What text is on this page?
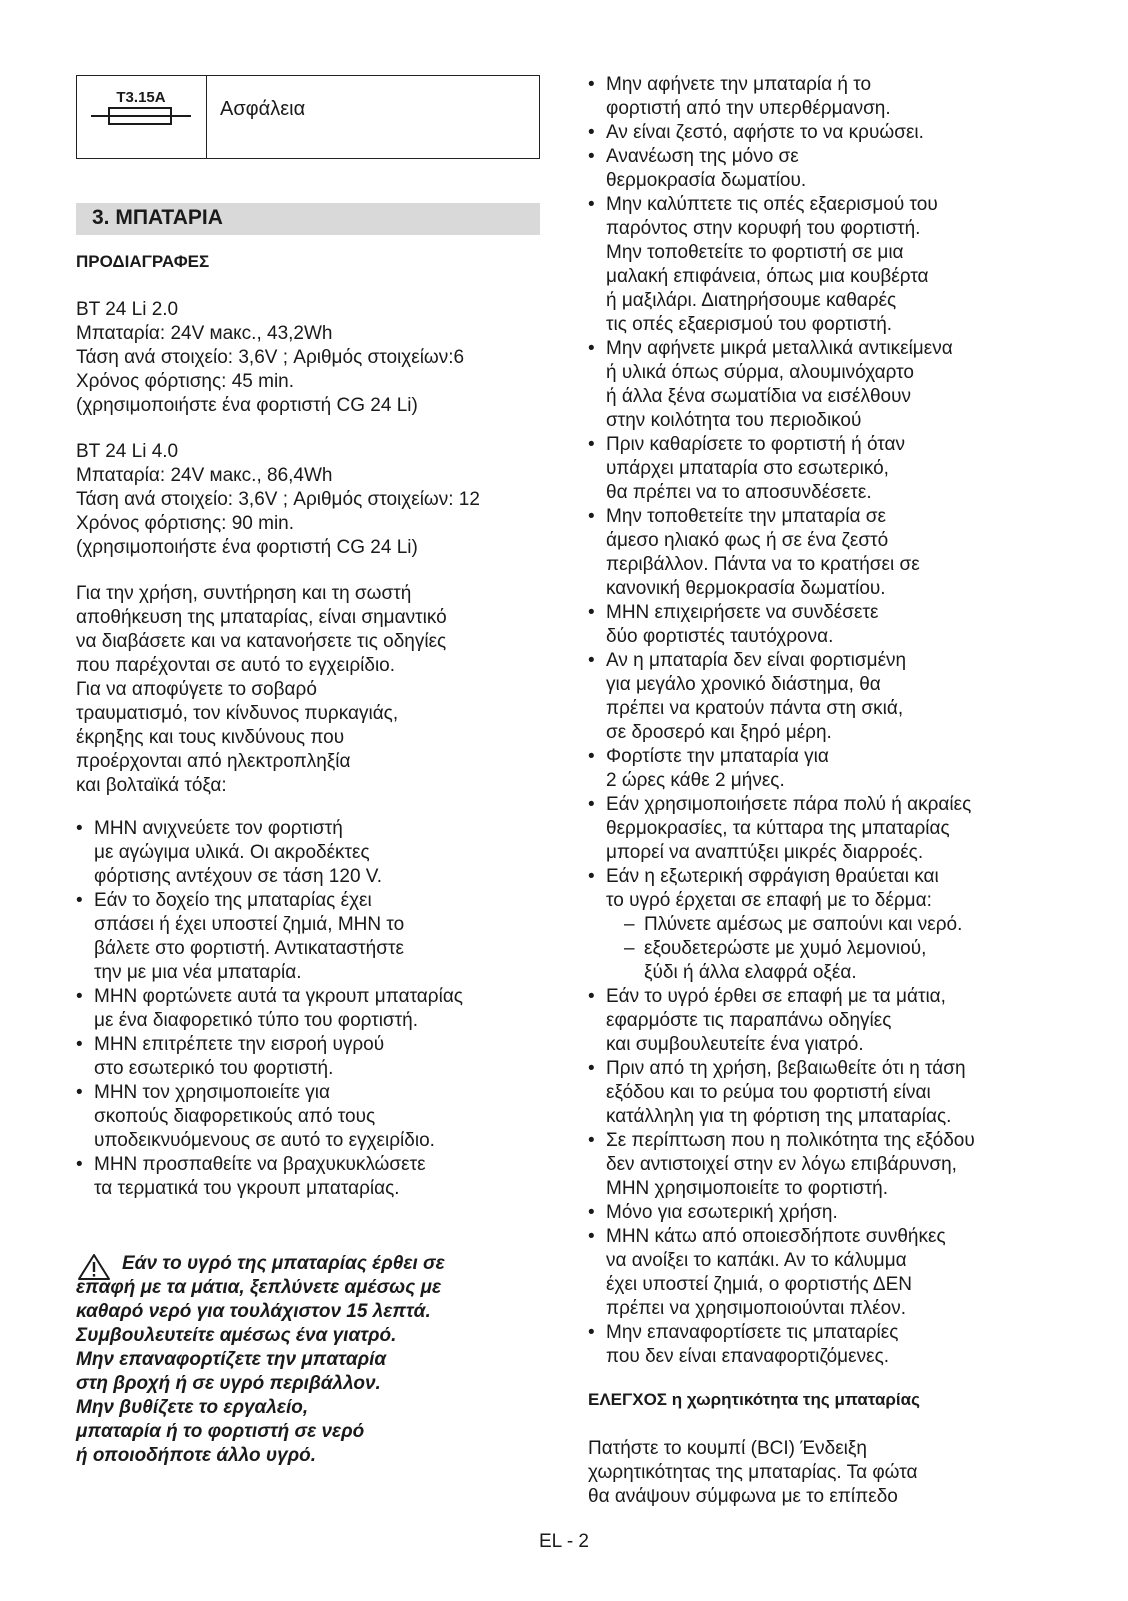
T3.15A
Ασφάλεια
3. ΜΠΑΤΑΡΙΑ
ΠΡΟΔΙΑΓΡΑΦΕΣ
BT 24 Li 2.0
Μπαταρία: 24V макс., 43,2Wh
Τάση ανά στοιχείο: 3,6V ; Αριθμός στοιχείων:6
Χρόνος φόρτισης: 45 min.
(χρησιμοποιήστε ένα φορτιστή CG 24 Li)
BT 24 Li 4.0
Μπαταρία: 24V макс., 86,4Wh
Τάση ανά στοιχείο: 3,6V ; Αριθμός στοιχείων: 12
Χρόνος φόρτισης: 90 min.
(χρησιμοποιήστε ένα φορτιστή CG 24 Li)
Για την χρήση, συντήρηση και τη σωστή
αποθήκευση της μπαταρίας, είναι σημαντικό
να διαβάσετε και να κατανοήσετε τις οδηγίες
που παρέχονται σε αυτό το εγχειρίδιο.
Για να αποφύγετε το σοβαρό
τραυματισμό, τον κίνδυνος πυρκαγιάς,
έκρηξης και τους κινδύνους που
προέρχονται από ηλεκτροπληξία
και βολταϊκά τόξα:
• ΜΗΝ ανιχνεύετε τον φορτιστή
με αγώγιμα υλικά. Οι ακροδέκτες
φόρτισης αντέχουν σε τάση 120 V.
• Εάν το δοχείο της μπαταρίας έχει
σπάσει ή έχει υποστεί ζημιά, ΜΗΝ το
βάλετε στο φορτιστή. Αντικαταστήστε
την με μια νέα μπαταρία.
• ΜΗΝ φορτώνετε αυτά τα γκρουπ μπαταρίας
με ένα διαφορετικό τύπο του φορτιστή.
• ΜΗΝ επιτρέπετε την εισροή υγρού
στο εσωτερικό του φορτιστή.
• ΜΗΝ τον χρησιμοποιείτε για
σκοπούς διαφορετικούς από τους
υποδεικνυόμενους σε αυτό το εγχειρίδιο.
• ΜΗΝ προσπαθείτε να βραχυκυκλώσετε
τα τερματικά του γκρουπ μπαταρίας.
Εάν το υγρό της μπαταρίας έρθει σε
επαφή με τα μάτια, ξεπλύνετε αμέσως με
καθαρό νερό για τουλάχιστον 15 λεπτά.
Συμβουλευτείτε αμέσως ένα γιατρό.
Μην επαναφορτίζετε την μπαταρία
στη βροχή ή σε υγρό περιβάλλον.
Μην βυθίζετε το εργαλείο,
μπαταρία ή το φορτιστή σε νερό
ή οποιοδήποτε άλλο υγρό.
• Μην αφήνετε την μπαταρία ή το
φορτιστή από την υπερθέρμανση.
• Αν είναι ζεστό, αφήστε το να κρυώσει.
• Ανανέωση της μόνο σε
θερμοκρασία δωματίου.
• Μην καλύπτετε τις οπές εξαερισμού του
παρόντος στην κορυφή του φορτιστή.
Μην τοποθετείτε το φορτιστή σε μια
μαλακή επιφάνεια, όπως μια κουβέρτα
ή μαξιλάρι. Διατηρήσουμε καθαρές
τις οπές εξαερισμού του φορτιστή.
• Μην αφήνετε μικρά μεταλλικά αντικείμενα
ή υλικά όπως σύρμα, αλουμινόχαρτο
ή άλλα ξένα σωματίδια να εισέλθουν
στην κοιλότητα του περιοδικού
• Πριν καθαρίσετε το φορτιστή ή όταν
υπάρχει μπαταρία στο εσωτερικό,
θα πρέπει να το αποσυνδέσετε.
• Μην τοποθετείτε την μπαταρία σε
άμεσο ηλιακό φως ή σε ένα ζεστό
περιβάλλον. Πάντα να το κρατήσει σε
κανονική θερμοκρασία δωματίου.
• ΜΗΝ επιχειρήσετε να συνδέσετε
δύο φορτιστές ταυτόχρονα.
• Αν η μπαταρία δεν είναι φορτισμένη
για μεγάλο χρονικό διάστημα, θα
πρέπει να κρατούν πάντα στη σκιά,
σε δροσερό και ξηρό μέρη.
• Φορτίστε την μπαταρία για
2 ώρες κάθε 2 μήνες.
• Εάν χρησιμοποιήσετε πάρα πολύ ή ακραίες
θερμοκρασίες, τα κύτταρα της μπαταρίας
μπορεί να αναπτύξει μικρές διαρροές.
• Εάν η εξωτερική σφράγιση θραύεται και
το υγρό έρχεται σε επαφή με το δέρμα:
– Πλύνετε αμέσως με σαπούνι και νερό.
– εξουδετερώστε με χυμό λεμονιού,
ξύδι ή άλλα ελαφρά οξέα.
• Εάν το υγρό έρθει σε επαφή με τα μάτια,
εφαρμόστε τις παραπάνω οδηγίες
και συμβουλευτείτε ένα γιατρό.
• Πριν από τη χρήση, βεβαιωθείτε ότι η τάση
εξόδου και το ρεύμα του φορτιστή είναι
κατάλληλη για τη φόρτιση της μπαταρίας.
• Σε περίπτωση που η πολικότητα της εξόδου
δεν αντιστοιχεί στην εν λόγω επιβάρυνση,
ΜΗΝ χρησιμοποιείτε το φορτιστή.
• Μόνο για εσωτερική χρήση.
• ΜΗΝ κάτω από οποιεσδήποτε συνθήκες
να ανοίξει το καπάκι. Αν το κάλυμμα
έχει υποστεί ζημιά, ο φορτιστής ΔΕΝ
πρέπει να χρησιμοποιούνται πλέον.
• Μην επαναφορτίσετε τις μπαταρίες
που δεν είναι επαναφορτιζόμενες.
ΕΛΕΓΧΟΣ η χωρητικότητα της μπαταρίας
Πατήστε το κουμπί (BCI) Ένδειξη
χωρητικότητας της μπαταρίας. Τα φώτα
θα ανάψουν σύμφωνα με το επίπεδο
EL - 2
